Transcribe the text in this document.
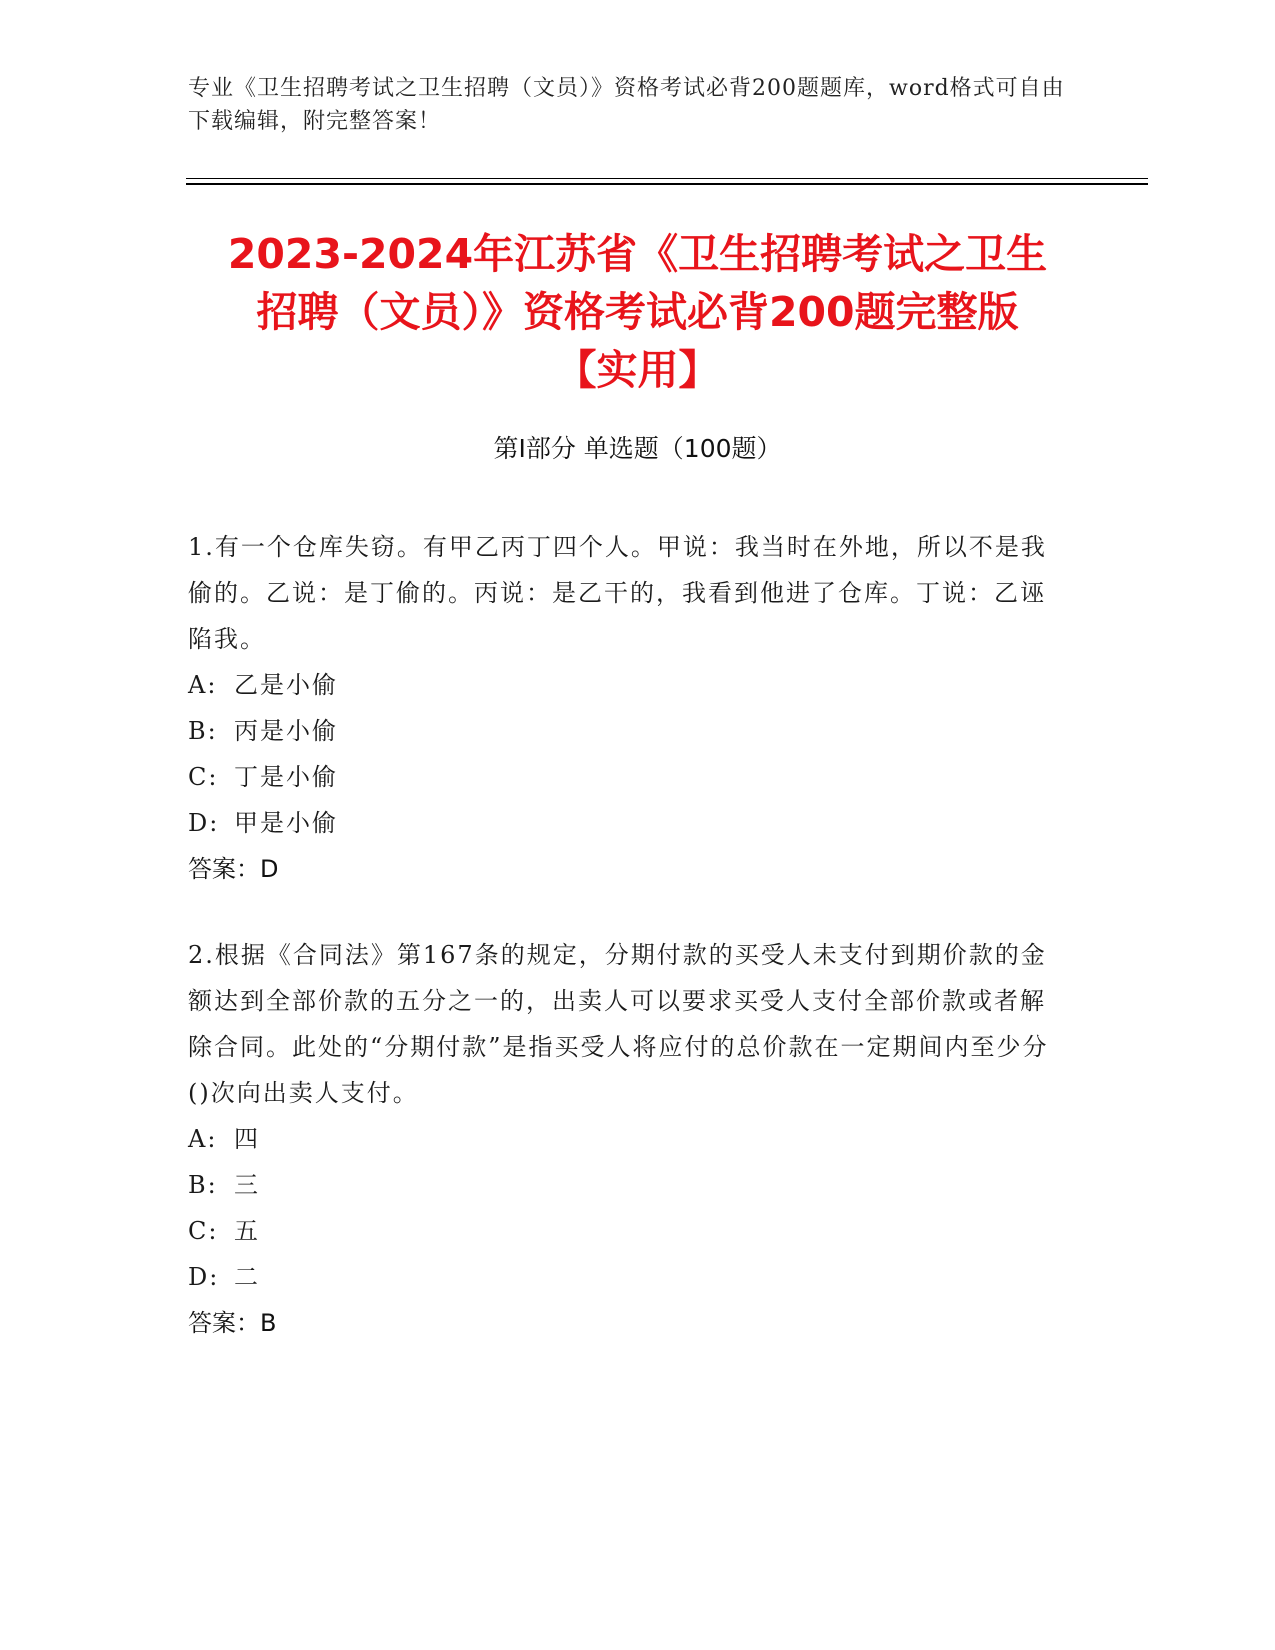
专业《卫生招聘考试之卫生招聘（文员）》资格考试必背200题题库，word格式可自由下载编辑，附完整答案！
2023-2024年江苏省《卫生招聘考试之卫生
招聘（文员）》资格考试必背200题完整版
【实用】
第I部分 单选题（100题）

1.有一个仓库失窃。有甲乙丙丁四个人。甲说：我当时在外地，所以不是我偷的。乙说：是丁偷的。丙说：是乙干的，我看到他进了仓库。丁说：乙诬陷我。

A: 乙是小偷

B: 丙是小偷

C: 丁是小偷

D: 甲是小偷

答案：D

2.根据《合同法》第167条的规定，分期付款的买受人未支付到期价款的金额达到全部价款的五分之一的，出卖人可以要求买受人支付全部价款或者解除合同。此处的“分期付款”是指买受人将应付的总价款在一定期间内至少分()次向出卖人支付。

A: 四

B: 三

C: 五

D: 二

答案：B
